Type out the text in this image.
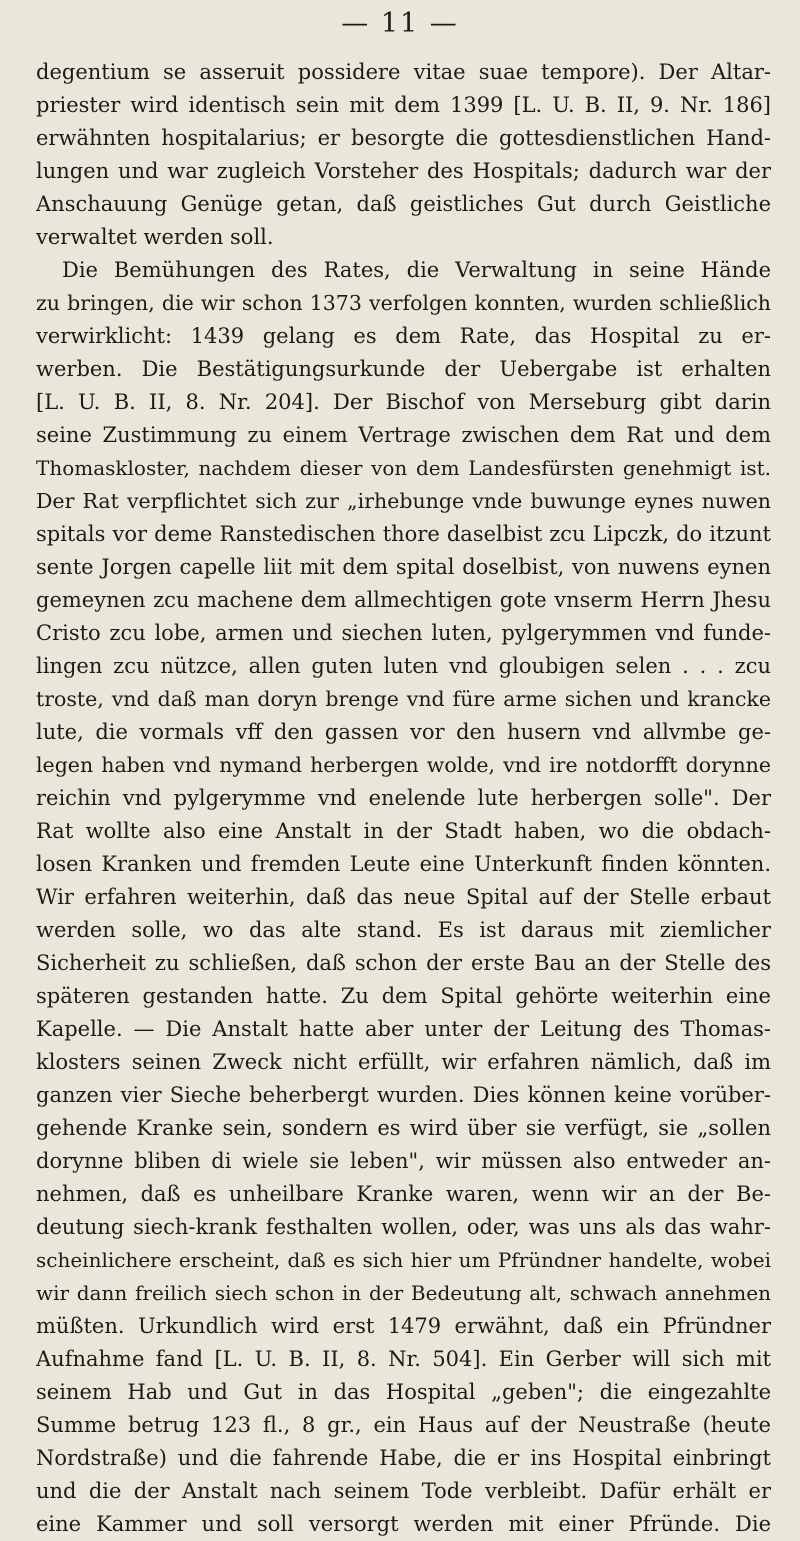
— 11 —
degentium se asseruit possidere vitae suae tempore). Der Altar-
priester wird identisch sein mit dem 1399 [L. U. B. II, 9. Nr. 186]
erwähnten hospitalarius; er besorgte die gottesdienstlichen Hand-
lungen und war zugleich Vorsteher des Hospitals; dadurch war der
Anschauung Genüge getan, daß geistliches Gut durch Geistliche
verwaltet werden soll.
Die Bemühungen des Rates, die Verwaltung in seine Hände
zu bringen, die wir schon 1373 verfolgen konnten, wurden schließlich
verwirklicht: 1439 gelang es dem Rate, das Hospital zu er-
werben. Die Bestätigungsurkunde der Uebergabe ist erhalten
[L. U. B. II, 8. Nr. 204]. Der Bischof von Merseburg gibt darin
seine Zustimmung zu einem Vertrage zwischen dem Rat und dem
Thomaskloster, nachdem dieser von dem Landesfürsten genehmigt ist.
Der Rat verpflichtet sich zur „irhebunge vnde buwunge eynes nuwen
spitals vor deme Ranstedischen thore daselbist zcu Lipczk, do itzunt
sente Jorgen capelle liit mit dem spital doselbist, von nuwens eynen
gemeynen zcu machene dem allmechtigen gote vnserm Herrn Jhesu
Cristo zcu lobe, armen und siechen luten, pylgerymmen vnd funde-
lingen zcu nützce, allen guten luten vnd gloubigen selen . . . zcu
troste, vnd daß man doryn brenge vnd füre arme sichen und krancke
lute, die vormals vff den gassen vor den husern vnd allvmbe ge-
legen haben vnd nymand herbergen wolde, vnd ire notdorfft dorynne
reichin vnd pylgerymme vnd enelende lute herbergen solle". Der
Rat wollte also eine Anstalt in der Stadt haben, wo die obdach-
losen Kranken und fremden Leute eine Unterkunft finden könnten.
Wir erfahren weiterhin, daß das neue Spital auf der Stelle erbaut
werden solle, wo das alte stand. Es ist daraus mit ziemlicher
Sicherheit zu schließen, daß schon der erste Bau an der Stelle des
späteren gestanden hatte. Zu dem Spital gehörte weiterhin eine
Kapelle. — Die Anstalt hatte aber unter der Leitung des Thomas-
klosters seinen Zweck nicht erfüllt, wir erfahren nämlich, daß im
ganzen vier Sieche beherbergt wurden. Dies können keine vorüber-
gehende Kranke sein, sondern es wird über sie verfügt, sie „sollen
dorynne bliben di wiele sie leben", wir müssen also entweder an-
nehmen, daß es unheilbare Kranke waren, wenn wir an der Be-
deutung siech-krank festhalten wollen, oder, was uns als das wahr-
scheinlichere erscheint, daß es sich hier um Pfründner handelte, wobei
wir dann freilich siech schon in der Bedeutung alt, schwach annehmen
müßten. Urkundlich wird erst 1479 erwähnt, daß ein Pfründner
Aufnahme fand [L. U. B. II, 8. Nr. 504]. Ein Gerber will sich mit
seinem Hab und Gut in das Hospital „geben"; die eingezahlte
Summe betrug 123 fl., 8 gr., ein Haus auf der Neustraße (heute
Nordstraße) und die fahrende Habe, die er ins Hospital einbringt
und die der Anstalt nach seinem Tode verbleibt. Dafür erhält er
eine Kammer und soll versorgt werden mit einer Pfründe. Die
